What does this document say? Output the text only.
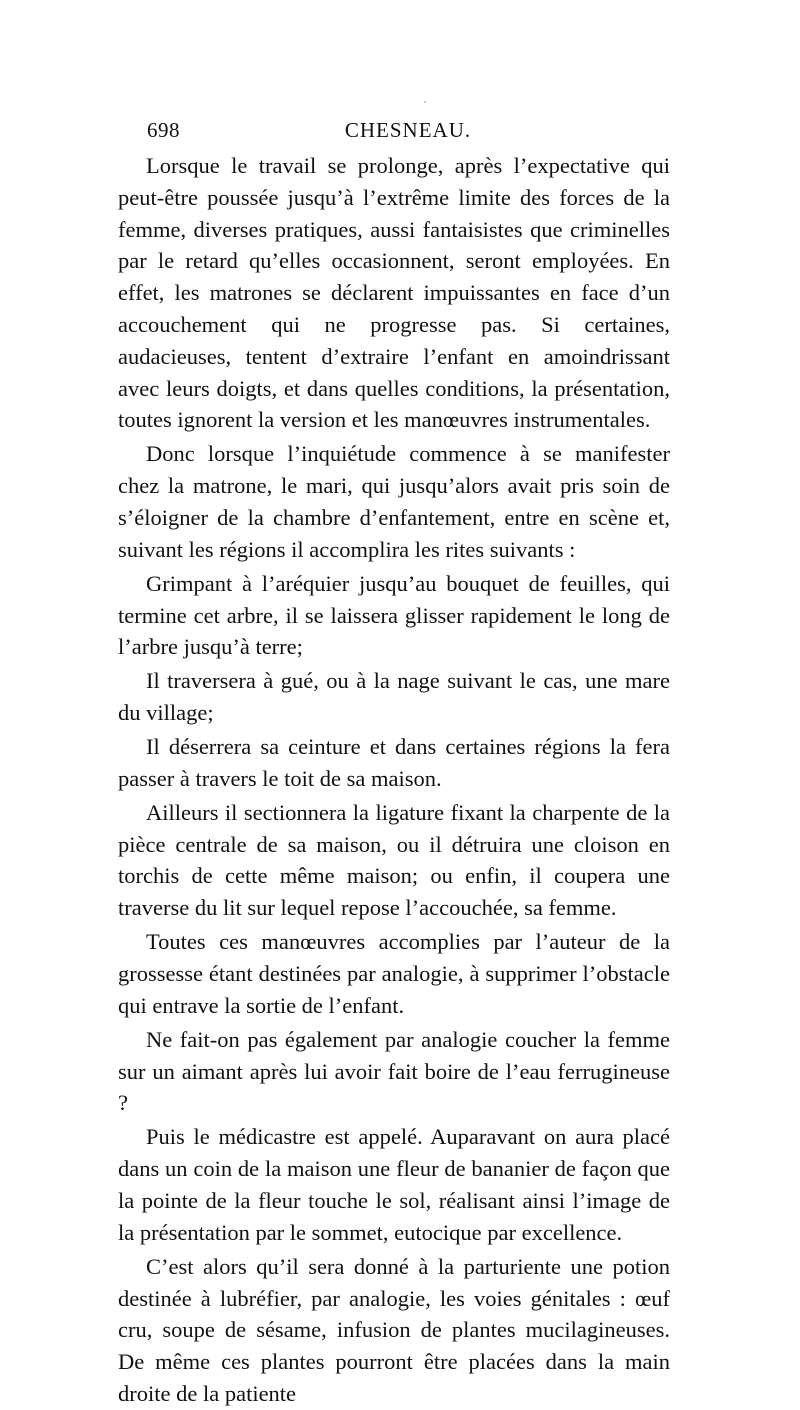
698	CHESNEAU.

Lorsque le travail se prolonge, après l’expectative qui peut-être poussée jusqu’à l’extrême limite des forces de la femme, diverses pratiques, aussi fantaisistes que criminelles par le retard qu’elles occasionnent, seront employées. En effet, les matrones se déclarent impuissantes en face d’un accouchement qui ne progresse pas. Si certaines, audacieuses, tentent d’extraire l’enfant en amoindrissant avec leurs doigts, et dans quelles conditions, la présentation, toutes ignorent la version et les manœuvres instrumentales.

Donc lorsque l’inquiétude commence à se manifester chez la matrone, le mari, qui jusqu’alors avait pris soin de s’éloigner de la chambre d’enfantement, entre en scène et, suivant les régions il accomplira les rites suivants :

Grimpant à l’aréquier jusqu’au bouquet de feuilles, qui termine cet arbre, il se laissera glisser rapidement le long de l’arbre jusqu’à terre;

Il traversera à gué, ou à la nage suivant le cas, une mare du village;

Il déserrera sa ceinture et dans certaines régions la fera passer à travers le toit de sa maison.

Ailleurs il sectionnera la ligature fixant la charpente de la pièce centrale de sa maison, ou il détruira une cloison en torchis de cette même maison; ou enfin, il coupera une traverse du lit sur lequel repose l’accouchée, sa femme.

Toutes ces manœuvres accomplies par l’auteur de la grossesse étant destinées par analogie, à supprimer l’obstacle qui entrave la sortie de l’enfant.

Ne fait-on pas également par analogie coucher la femme sur un aimant après lui avoir fait boire de l’eau ferrugineuse ?

Puis le médicastre est appelé. Auparavant on aura placé dans un coin de la maison une fleur de bananier de façon que la pointe de la fleur touche le sol, réalisant ainsi l’image de la présentation par le sommet, eutocique par excellence.

C’est alors qu’il sera donné à la parturiente une potion destinée à lubréfier, par analogie, les voies génitales : œuf cru, soupe de sésame, infusion de plantes mucilagineuses. De même ces plantes pourront être placées dans la main droite de la patiente
